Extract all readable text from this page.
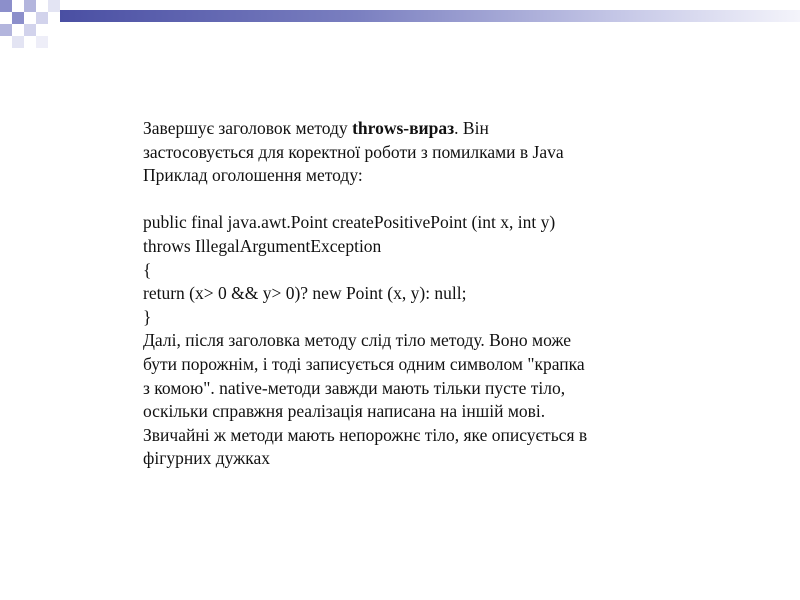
Завершує заголовок методу throws-вираз. Він
застосовується для коректної роботи з помилками в Java
Приклад оголошення методу:
public final java.awt.Point createPositivePoint (int x, int y)
throws IllegalArgumentException
{
return (x> 0 && y> 0)? new Point (x, y): null;
}
Далі, після заголовка методу слід тіло методу. Воно може
бути порожнім, і тоді записується одним символом "крапка
з комою". native-методи завжди мають тільки пусте тіло,
оскільки справжня реалізація написана на іншій мові.
Звичайні ж методи мають непорожнє тіло, яке описується в
фігурних дужках
